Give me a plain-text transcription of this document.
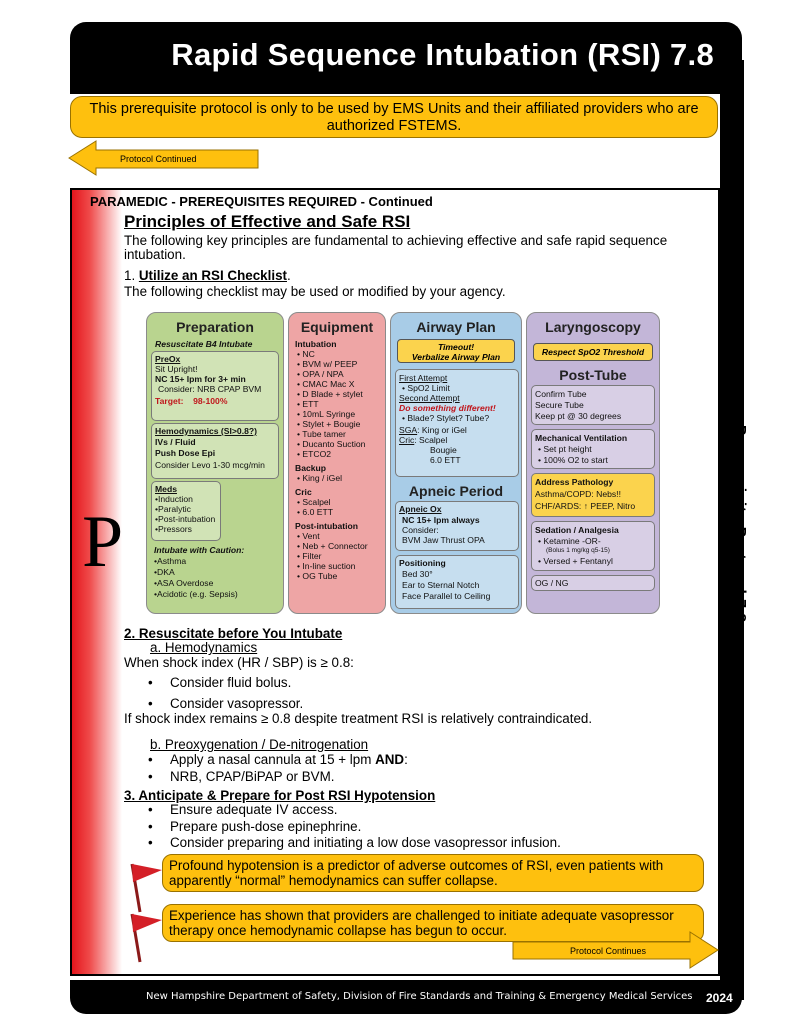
Rapid Sequence Intubation (RSI) 7.8
Prerequisite Protocol 7.8
This prerequisite protocol is only to be used by EMS Units and their affiliated providers who are authorized FSTEMS.
Protocol Continued
P
PARAMEDIC - PREREQUISITES REQUIRED - Continued
Principles of Effective and Safe RSI
The following key principles are fundamental to achieving effective and safe rapid sequence intubation.
1. Utilize an RSI Checklist.
The following checklist may be used or modified by your agency.
Preparation
Resuscitate B4 Intubate
PreOx
Sit Upright!
NC 15+ lpm for 3+ min
Consider: NRB CPAP BVM
Target: 98-100%
Hemodynamics (SI>0.8?)
IVs / Fluid
Push Dose Epi
Consider Levo 1-30 mcg/min
Meds
•Induction
•Paralytic
•Post-intubation
•Pressors
Intubate with Caution:
•Asthma
•DKA
•ASA Overdose
•Acidotic (e.g. Sepsis)
Equipment
Intubation
• NC
• BVM w/ PEEP
• OPA / NPA
• CMAC Mac X
• D Blade + stylet
• ETT
• 10mL Syringe
• Stylet + Bougie
• Tube tamer
• Ducanto Suction
• ETCO2
Backup
• King / iGel
Cric
• Scalpel
• 6.0 ETT
Post-intubation
• Vent
• Neb + Connector
• Filter
• In-line suction
• OG Tube
Airway Plan
Timeout!
Verbalize Airway Plan
First Attempt
• SpO2 Limit
Second Attempt
Do something different!
• Blade? Stylet? Tube?
SGA: King or iGel
Cric: Scalpel
Bougie
6.0 ETT
Apneic Period
Apneic Ox
NC 15+ lpm always
Consider:
BVM Jaw Thrust OPA
Positioning
Bed 30°
Ear to Sternal Notch
Face Parallel to Ceiling
Laryngoscopy
Respect SpO2 Threshold
Post-Tube
Confirm Tube
Secure Tube
Keep pt @ 30 degrees
Mechanical Ventilation
• Set pt height
• 100% O2 to start
Address Pathology
Asthma/COPD: Nebs!!
CHF/ARDS: ↑ PEEP, Nitro
Sedation / Analgesia
• Ketamine -OR-
(Bolus 1 mg/kg q5-15)
• Versed + Fentanyl
OG / NG
2. Resuscitate before You Intubate
a. Hemodynamics
When shock index (HR / SBP) is ≥ 0.8:
• Consider fluid bolus.
• Consider vasopressor.
If shock index remains ≥ 0.8 despite treatment RSI is relatively contraindicated.
b. Preoxygenation / De-nitrogenation
• Apply a nasal cannula at 15 + lpm AND:
• NRB, CPAP/BiPAP or BVM.
3. Anticipate & Prepare for Post RSI Hypotension
• Ensure adequate IV access.
• Prepare push-dose epinephrine.
• Consider preparing and initiating a low dose vasopressor infusion.
Profound hypotension is a predictor of adverse outcomes of RSI, even patients with apparently “normal” hemodynamics can suffer collapse.
Experience has shown that providers are challenged to initiate adequate vasopressor therapy once hemodynamic collapse has begun to occur.
Protocol Continues
New Hampshire Department of Safety, Division of Fire Standards and Training & Emergency Medical Services 2024
